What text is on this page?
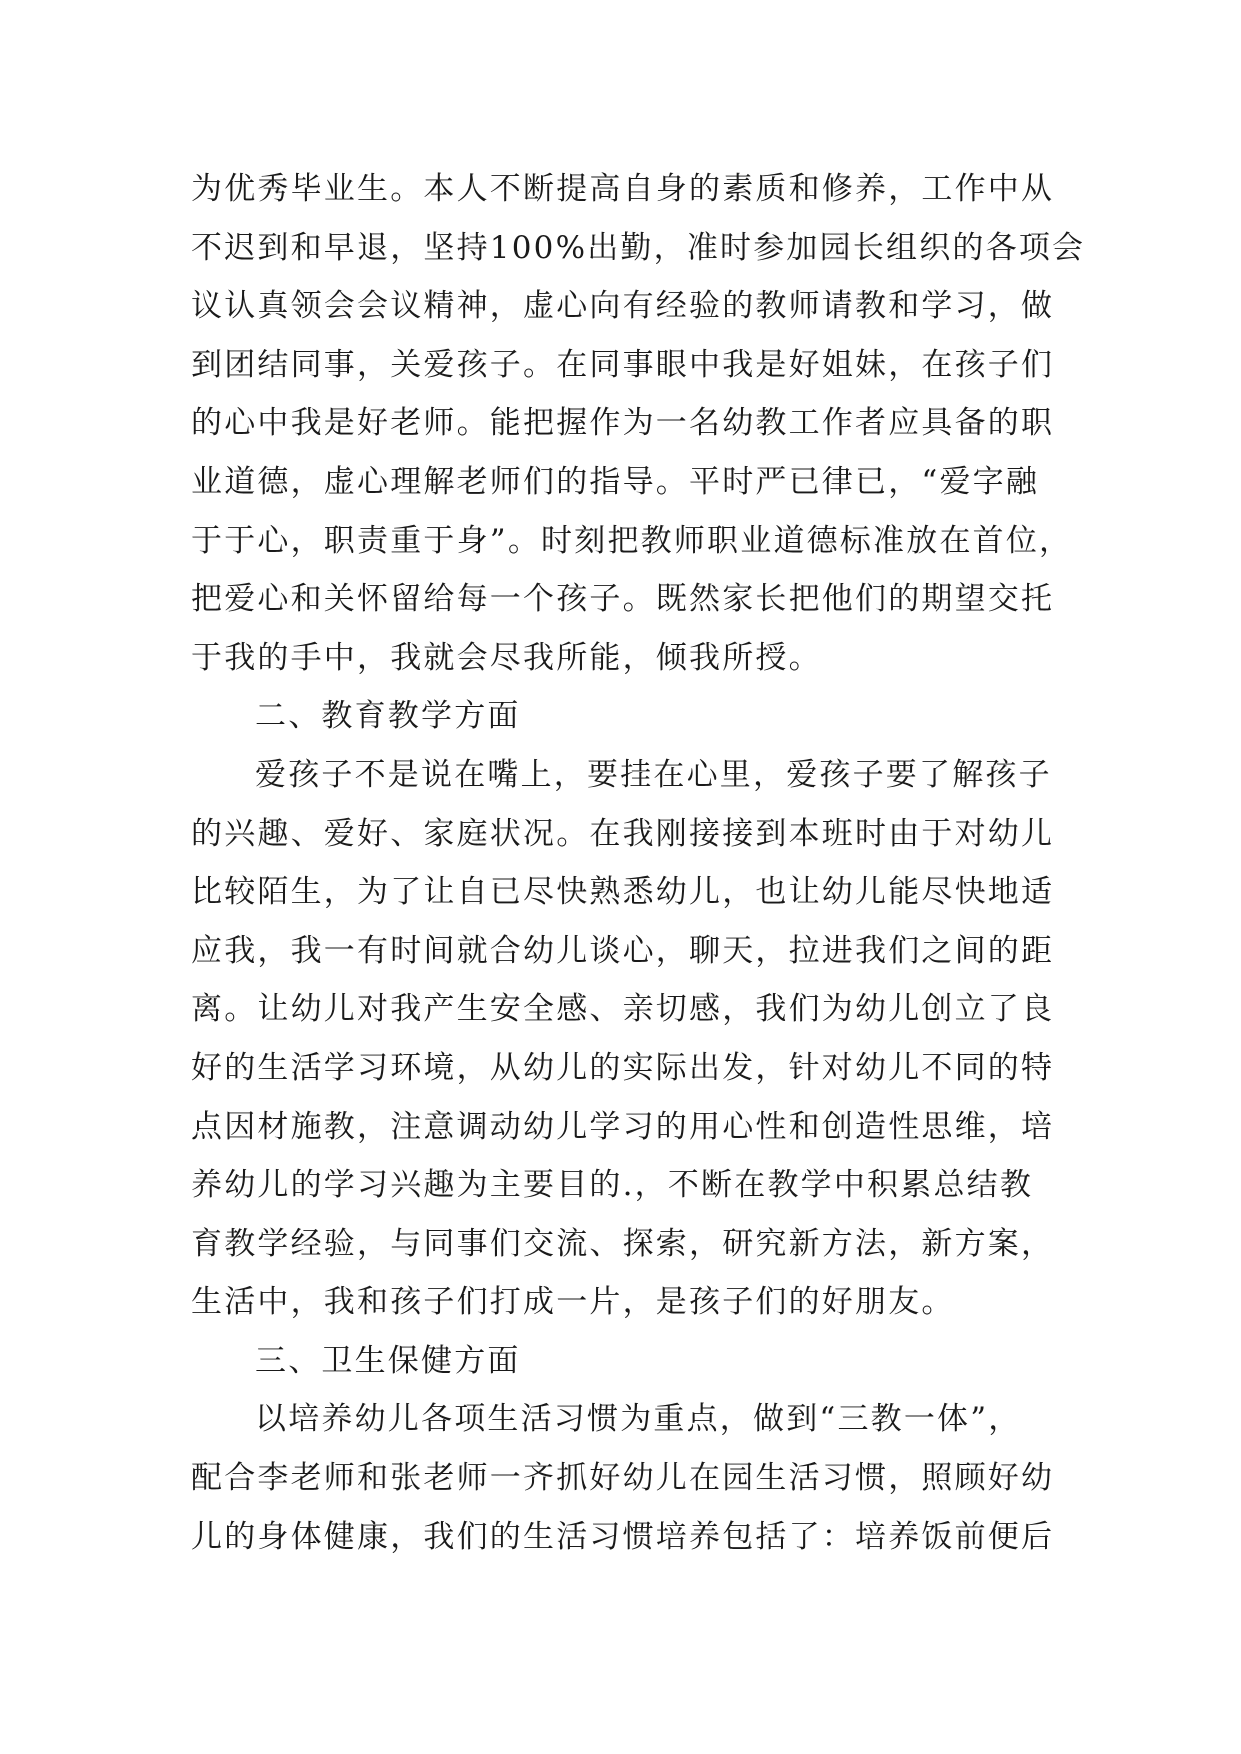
为优秀毕业生。本人不断提高自身的素质和修养，工作中从
不迟到和早退，坚持100%出勤，准时参加园长组织的各项会
议认真领会会议精神，虚心向有经验的教师请教和学习，做
到团结同事，关爱孩子。在同事眼中我是好姐妹，在孩子们
的心中我是好老师。能把握作为一名幼教工作者应具备的职
业道德，虚心理解老师们的指导。平时严已律已，“爱字融
于于心，职责重于身”。时刻把教师职业道德标准放在首位，
把爱心和关怀留给每一个孩子。既然家长把他们的期望交托
于我的手中，我就会尽我所能，倾我所授。
二、教育教学方面
爱孩子不是说在嘴上，要挂在心里，爱孩子要了解孩子
的兴趣、爱好、家庭状况。在我刚接接到本班时由于对幼儿
比较陌生，为了让自已尽快熟悉幼儿，也让幼儿能尽快地适
应我，我一有时间就合幼儿谈心，聊天，拉进我们之间的距
离。让幼儿对我产生安全感、亲切感，我们为幼儿创立了良
好的生活学习环境，从幼儿的实际出发，针对幼儿不同的特
点因材施教，注意调动幼儿学习的用心性和创造性思维，培
养幼儿的学习兴趣为主要目的.，不断在教学中积累总结教
育教学经验，与同事们交流、探索，研究新方法，新方案，
生活中，我和孩子们打成一片，是孩子们的好朋友。
三、卫生保健方面
以培养幼儿各项生活习惯为重点，做到“三教一体”，
配合李老师和张老师一齐抓好幼儿在园生活习惯，照顾好幼
儿的身体健康，我们的生活习惯培养包括了：培养饭前便后
